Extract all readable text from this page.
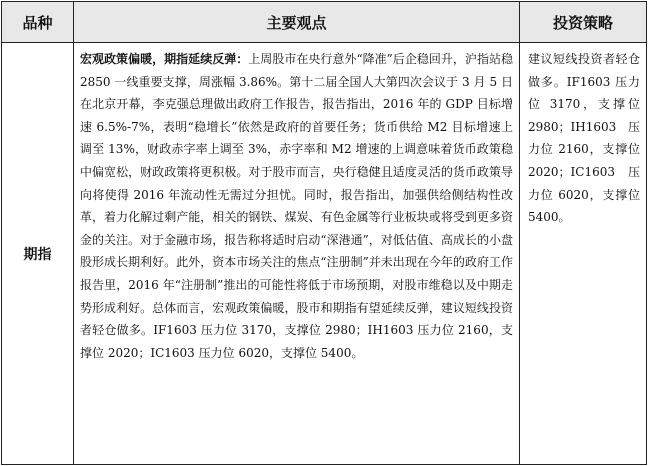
品种	主要观点	投资策略
期指	宏观政策偏暖，期指延续反弹：上周股市在央行意外“降准”后企稳回升，沪指站稳 2850 一线重要支撑，周涨幅 3.86%。第十二届全国人大第四次会议于 3 月 5 日在北京开幕，李克强总理做出政府工作报告，报告指出，2016 年的 GDP 目标增速 6.5%-7%，表明“稳增长”依然是政府的首要任务；货币供给 M2 目标增速上调至 13%，财政赤字率上调至 3%，赤字率和 M2 增速的上调意味着货币政策稳中偏宽松，财政政策将更积极。对于股市而言，央行稳健且适度灵活的货币政策导向将使得 2016 年流动性无需过分担忧。同时，报告指出，加强供给侧结构性改革，着力化解过剩产能，相关的钢铁、煤炭、有色金属等行业板块或将受到更多资金的关注。对于金融市场，报告称将适时启动“深港通”，对低估值、高成长的小盘股形成长期利好。此外，资本市场关注的焦点“注册制”并未出现在今年的政府工作报告里，2016 年“注册制”推出的可能性将低于市场预期，对股市维稳以及中期走势形成利好。总体而言，宏观政策偏暖，股市和期指有望延续反弹，建议短线投资者轻仓做多。IF1603 压力位 3170，支撑位 2980；IH1603 压力位 2160，支撑位 2020；IC1603 压力位 6020，支撑位 5400。	建议短线投资者轻仓做多。IF1603 压力位 3170，支撑位 2980；IH1603 压力位 2160，支撑位 2020；IC1603 压力位 6020，支撑位 5400。
